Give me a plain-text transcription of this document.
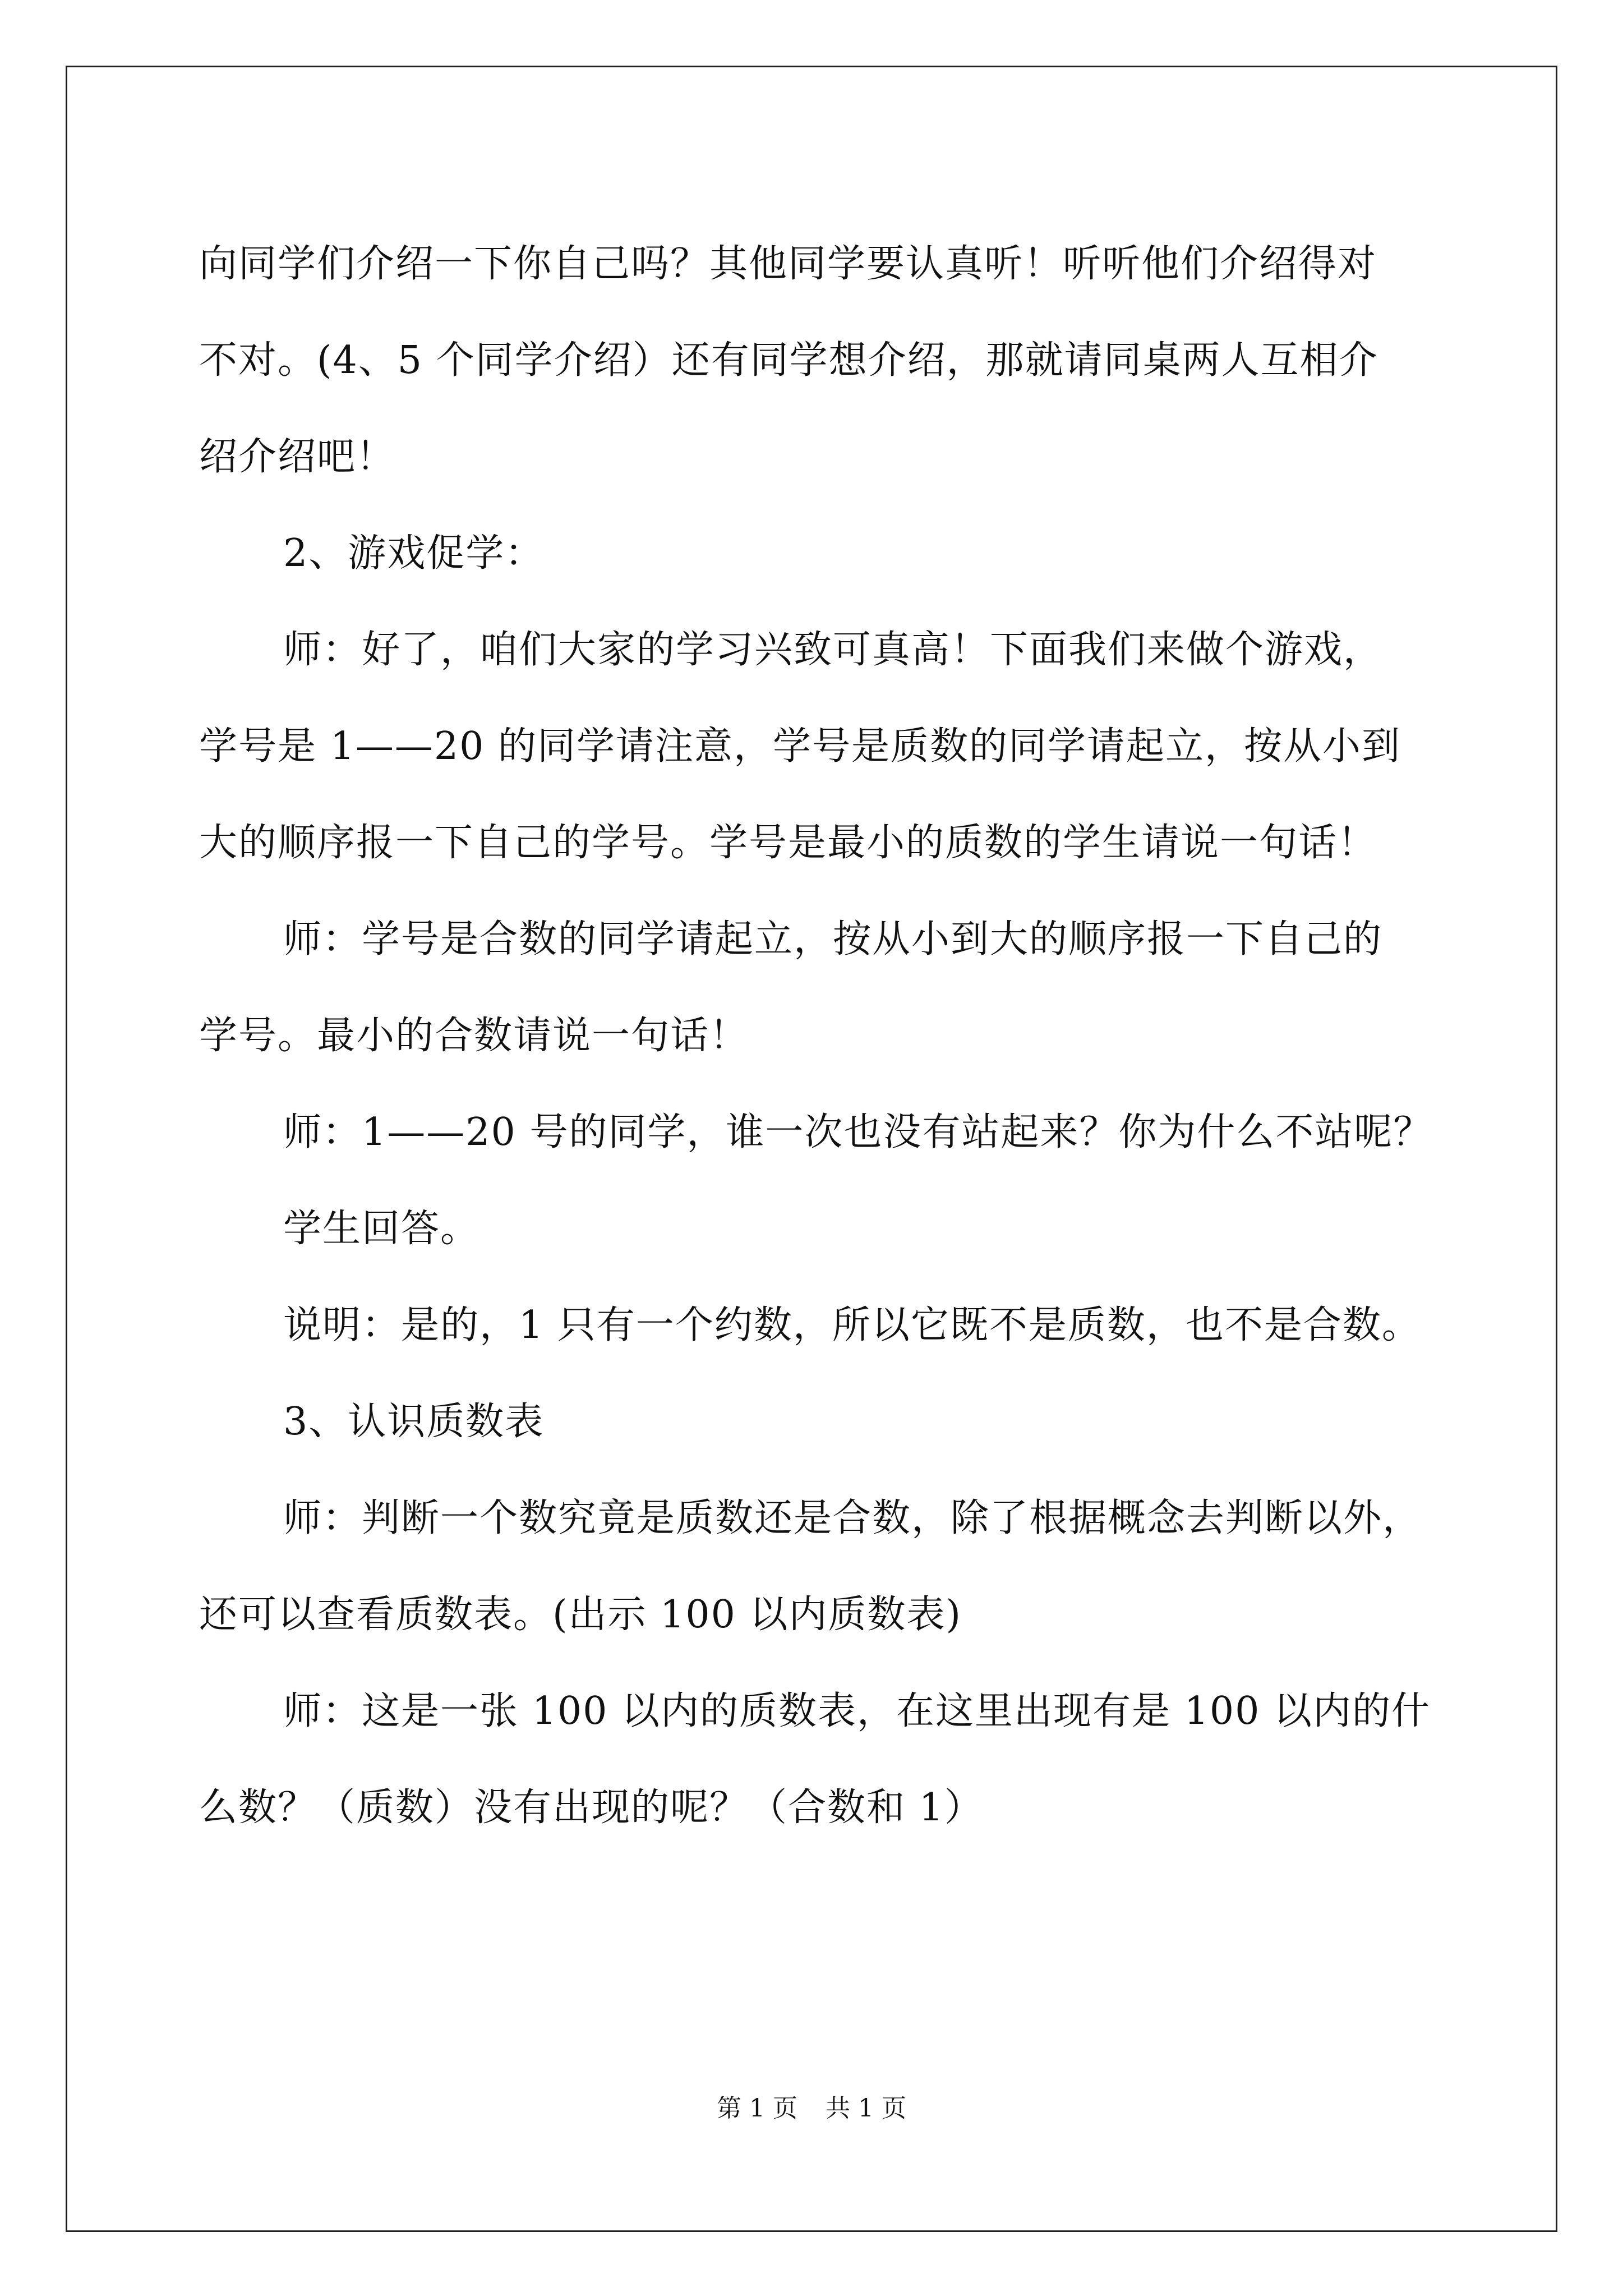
向同学们介绍一下你自己吗？其他同学要认真听！听听他们介绍得对
不对。(4、5 个同学介绍）还有同学想介绍，那就请同桌两人互相介
绍介绍吧！
2、游戏促学：
师：好了，咱们大家的学习兴致可真高！下面我们来做个游戏，
学号是 1——20 的同学请注意，学号是质数的同学请起立，按从小到
大的顺序报一下自己的学号。学号是最小的质数的学生请说一句话！
师：学号是合数的同学请起立，按从小到大的顺序报一下自己的
学号。最小的合数请说一句话！
师：1——20 号的同学，谁一次也没有站起来？你为什么不站呢？
学生回答。
说明：是的，1 只有一个约数，所以它既不是质数，也不是合数。
3、认识质数表
师：判断一个数究竟是质数还是合数，除了根据概念去判断以外，
还可以查看质数表。(出示 100 以内质数表)
师：这是一张 100 以内的质数表，在这里出现有是 100 以内的什
么数？（质数）没有出现的呢？（合数和 1）
第 1 页 共 1 页
